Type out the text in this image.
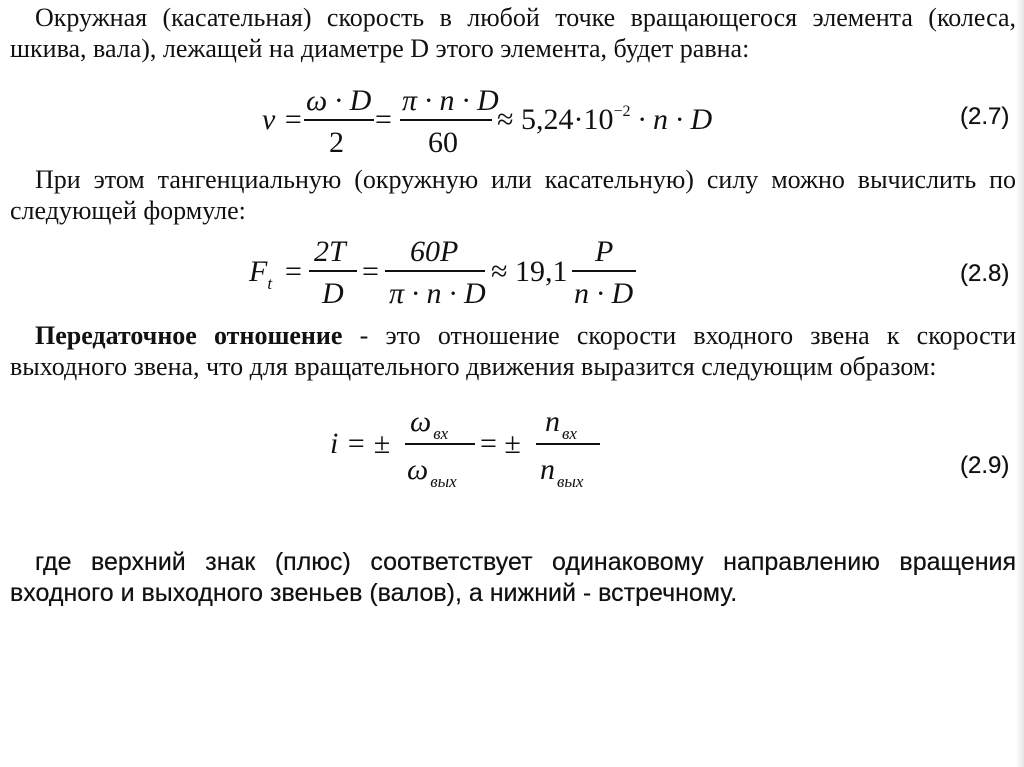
Окружная (касательная) скорость в любой точке вращающегося элемента (колеса, шкива, вала), лежащей на диаметре D этого элемента, будет равна:

v =
ω · D
2
=
π · n · D
60
≈ $5,24\cdot 10^{-2} \cdot n \cdot D$	(2.7)

При этом тангенциальную (окружную или касательную) силу можно вычислить по следующей формуле:

$F_t$ =
2T
D
=
60P
π · n · D
≈ 19,1
P
n · D
(2.8)

Передаточное отношение - это отношение скорости входного звена к скорости выходного звена, что для вращательного движения выразится следующим образом:

i = ±
ω $_{вх}$
ω $_{вых}$
= ±
n $_{вх}$
n $_{вых}$
(2.9)

где верхний знак (плюс) соответствует одинаковому направлению вращения входного и выходного звеньев (валов), а нижний - встречному.
